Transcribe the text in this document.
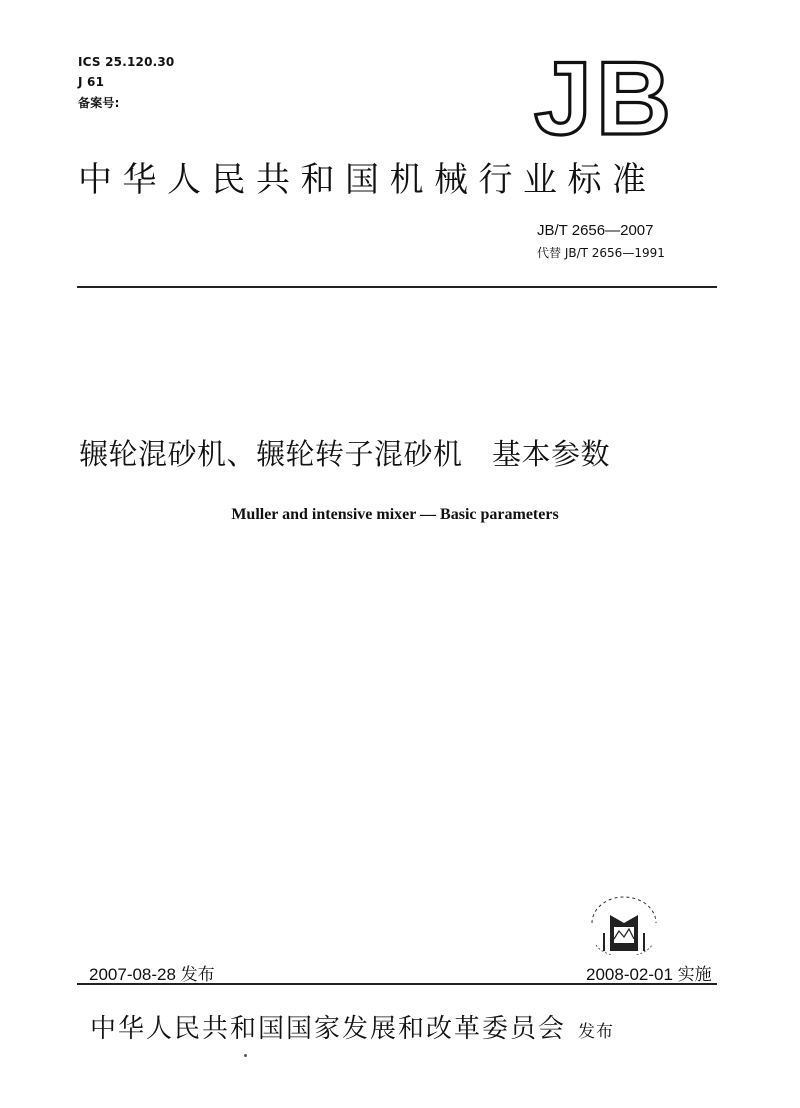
ICS 25.120.30
J 61
备案号:	JB
中华人民共和国机械行业标准
JB/T 2656—2007
代替 JB/T 2656—1991
辗轮混砂机、辗轮转子混砂机　基本参数
Muller and intensive mixer — Basic parameters
2007-08-28 发布	2008-02-01 实施
中华人民共和国国家发展和改革委员会 发布
